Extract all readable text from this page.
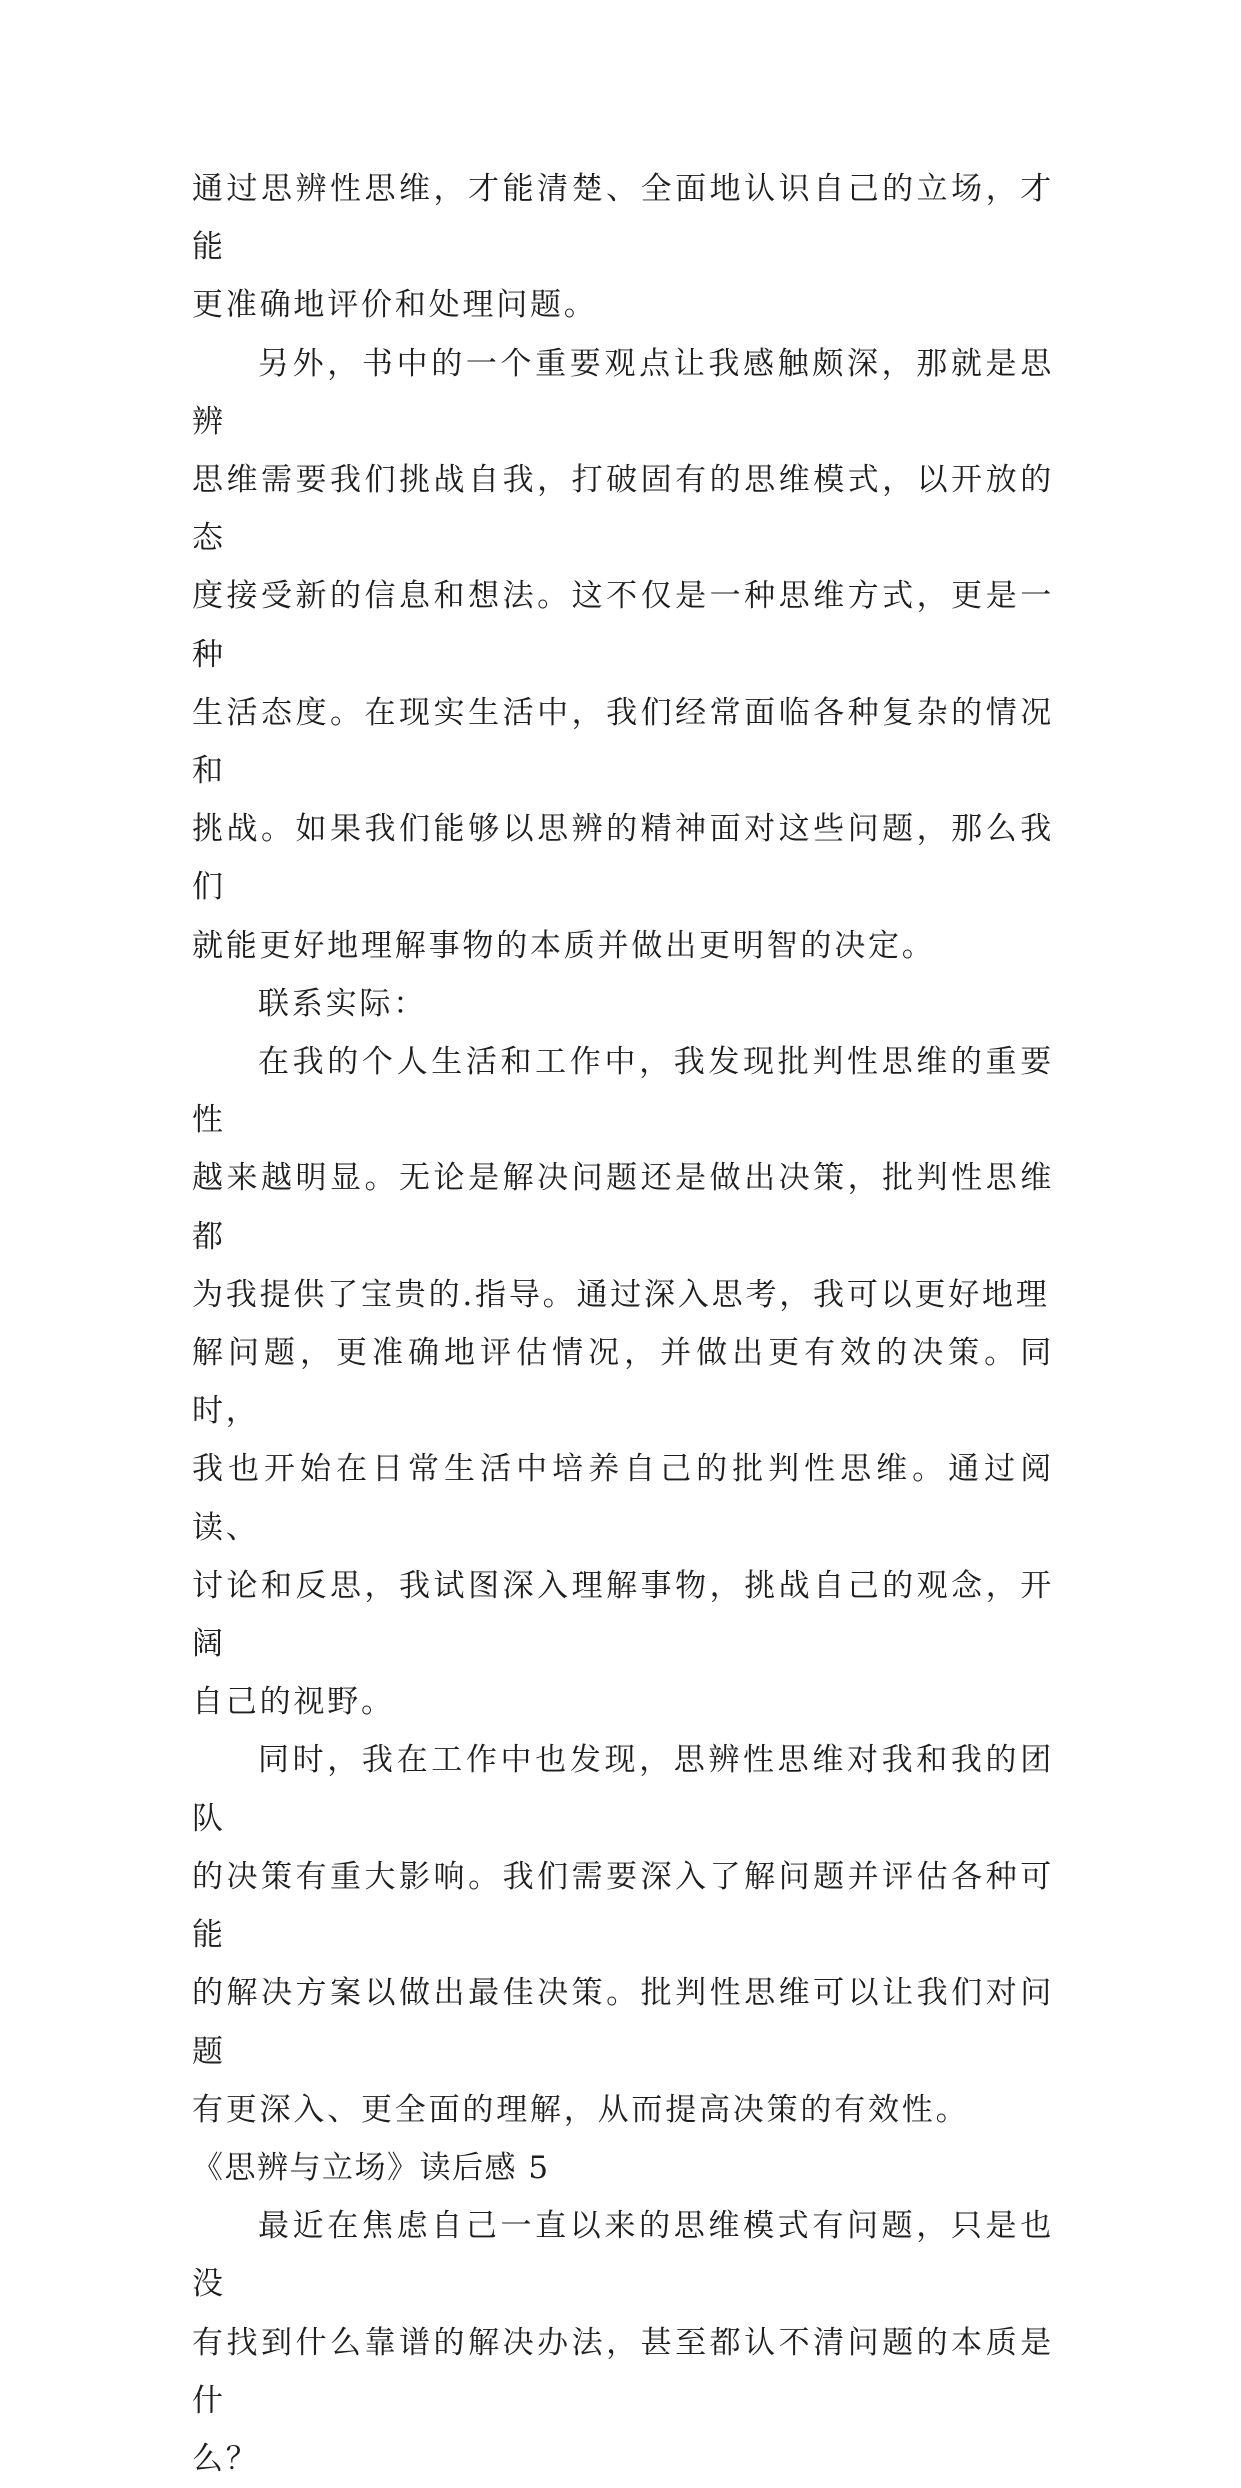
通过思辨性思维，才能清楚、全面地认识自己的立场，才能
更准确地评价和处理问题。

另外，书中的一个重要观点让我感触颇深，那就是思辨
思维需要我们挑战自我，打破固有的思维模式，以开放的态
度接受新的信息和想法。这不仅是一种思维方式，更是一种
生活态度。在现实生活中，我们经常面临各种复杂的情况和
挑战。如果我们能够以思辨的精神面对这些问题，那么我们
就能更好地理解事物的本质并做出更明智的决定。

联系实际：

在我的个人生活和工作中，我发现批判性思维的重要性
越来越明显。无论是解决问题还是做出决策，批判性思维都
为我提供了宝贵的.指导。通过深入思考，我可以更好地理
解问题，更准确地评估情况，并做出更有效的决策。同时，
我也开始在日常生活中培养自己的批判性思维。通过阅读、
讨论和反思，我试图深入理解事物，挑战自己的观念，开阔
自己的视野。

同时，我在工作中也发现，思辨性思维对我和我的团队
的决策有重大影响。我们需要深入了解问题并评估各种可能
的解决方案以做出最佳决策。批判性思维可以让我们对问题
有更深入、更全面的理解，从而提高决策的有效性。

《思辨与立场》读后感 5

最近在焦虑自己一直以来的思维模式有问题，只是也没
有找到什么靠谱的解决办法，甚至都认不清问题的本质是什
么？
